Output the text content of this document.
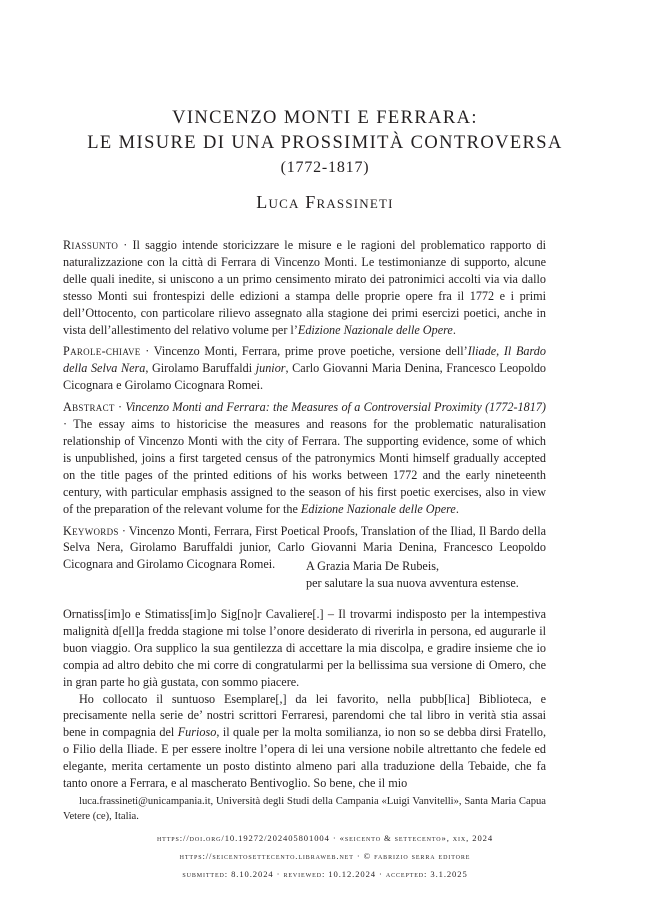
VINCENZO MONTI E FERRARA:
LE MISURE DI UNA PROSSIMITÀ CONTROVERSA
(1772-1817)
Luca Frassineti

Riassunto · Il saggio intende storicizzare le misure e le ragioni del problematico rapporto di naturalizzazione con la città di Ferrara di Vincenzo Monti. Le testimonianze di supporto, alcune delle quali inedite, si uniscono a un primo censimento mirato dei patronimici accolti via via dallo stesso Monti sui frontespizi delle edizioni a stampa delle proprie opere fra il 1772 e i primi dell’Ottocento, con particolare rilievo assegnato alla stagione dei primi esercizi poetici, anche in vista dell’allestimento del relativo volume per l’Edizione Nazionale delle Opere.

Parole-chiave · Vincenzo Monti, Ferrara, prime prove poetiche, versione dell’Iliade, Il Bardo della Selva Nera, Girolamo Baruffaldi junior, Carlo Giovanni Maria Denina, Francesco Leopoldo Cicognara e Girolamo Cicognara Romei.

Abstract · Vincenzo Monti and Ferrara: the Measures of a Controversial Proximity (1772-1817) · The essay aims to historicise the measures and reasons for the problematic naturalisation relationship of Vincenzo Monti with the city of Ferrara. The supporting evidence, some of which is unpublished, joins a first targeted census of the patronymics Monti himself gradually accepted on the title pages of the printed editions of his works between 1772 and the early nineteenth century, with particular emphasis assigned to the season of his first poetic exercises, also in view of the preparation of the relevant volume for the Edizione Nazionale delle Opere.

Keywords · Vincenzo Monti, Ferrara, First Poetical Proofs, Translation of the Iliad, Il Bardo della Selva Nera, Girolamo Baruffaldi junior, Carlo Giovanni Maria Denina, Francesco Leopoldo Cicognara and Girolamo Cicognara Romei.	A Grazia Maria De Rubeis,
per salutare la sua nuova avventura estense.

Ornatiss[im]o e Stimatiss[im]o Sig[no]r Cavaliere[.] – Il trovarmi indisposto per la intempestiva malignità d[ell]a fredda stagione mi tolse l’onore desiderato di riverirla in persona, ed augurarle il buon viaggio. Ora supplico la sua gentilezza di accettare la mia discolpa, e gradire insieme che io compia ad altro debito che mi corre di congratularmi per la bellissima sua versione di Omero, che in gran parte ho già gustata, con sommo piacere.

Ho collocato il suntuoso Esemplare[,] da lei favorito, nella pubb[lica] Biblioteca, e precisamente nella serie de’ nostri scrittori Ferraresi, parendomi che tal libro in verità stia assai bene in compagnia del Furioso, il quale per la molta somilianza, io non so se debba dirsi Fratello, o Filio della Iliade. E per essere inoltre l’opera di lei una versione nobile altrettanto che fedele ed elegante, merita certamente un posto distinto almeno pari alla traduzione della Tebaide, che fa tanto onore a Ferrara, e al mascherato Bentivoglio. So bene, che il mio

luca.frassineti@unicampania.it, Università degli Studi della Campania «Luigi Vanvitelli», Santa Maria Capua Vetere (ce), Italia.
https://doi.org/10.19272/202405801004 · «seicento & settecento», xix, 2024
https://seicentosettecento.libraweb.net · © fabrizio serra editore
submitted: 8.10.2024 · reviewed: 10.12.2024 · accepted: 3.1.2025
